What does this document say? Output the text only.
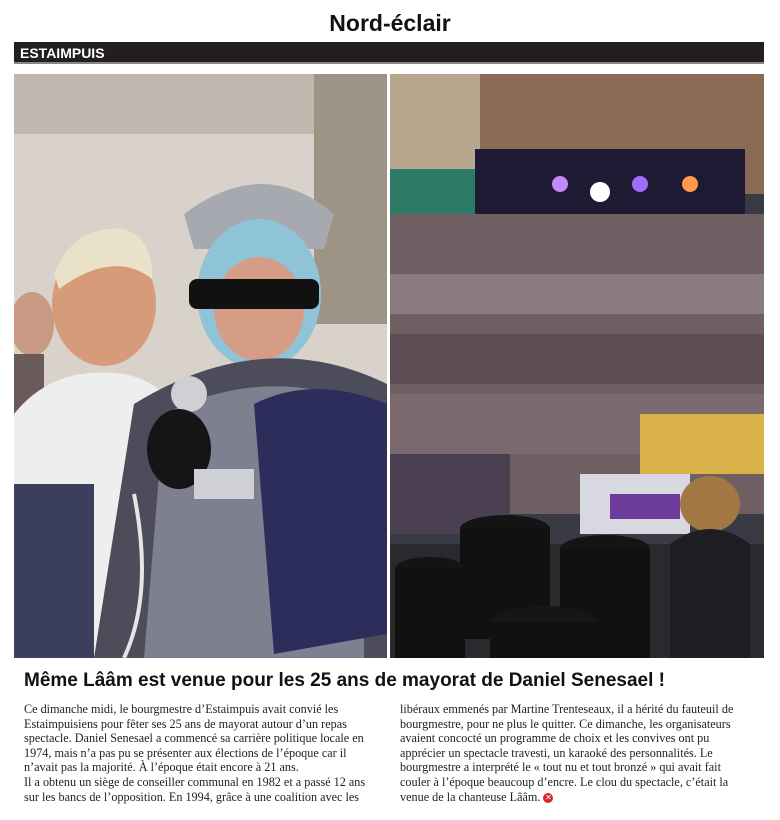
Nord-éclair
ESTAIMPUIS
Même Lââm est venue pour les 25 ans de mayorat de Daniel Senesael !

Ce dimanche midi, le bourgmestre d’Estaimpuis avait convié les Estaimpuisiens pour fêter ses 25 ans de mayorat autour d’un repas spectacle. Daniel Senesael a commencé sa carrière politique locale en 1974, mais n’a pas pu se présenter aux élections de l’époque car il n’avait pas la majorité. À l’époque était encore à 21 ans.

Il a obtenu un siège de conseiller communal en 1982 et a passé 12 ans sur les bancs de l’opposition. En 1994, grâce à une coalition avec les libéraux emmenés par Martine Trenteseaux, il a hérité du fauteuil de bourgmestre, pour ne plus le quitter. Ce dimanche, les organisateurs avaient concocté un programme de choix et les convives ont pu apprécier un spectacle travesti, un karaoké des personnalités. Le bourgmestre a interprété le « tout nu et tout bronzé » qui avait fait couler à l’époque beaucoup d’encre. Le clou du spectacle, c’était la venue de la chanteuse Lââm. ✕
